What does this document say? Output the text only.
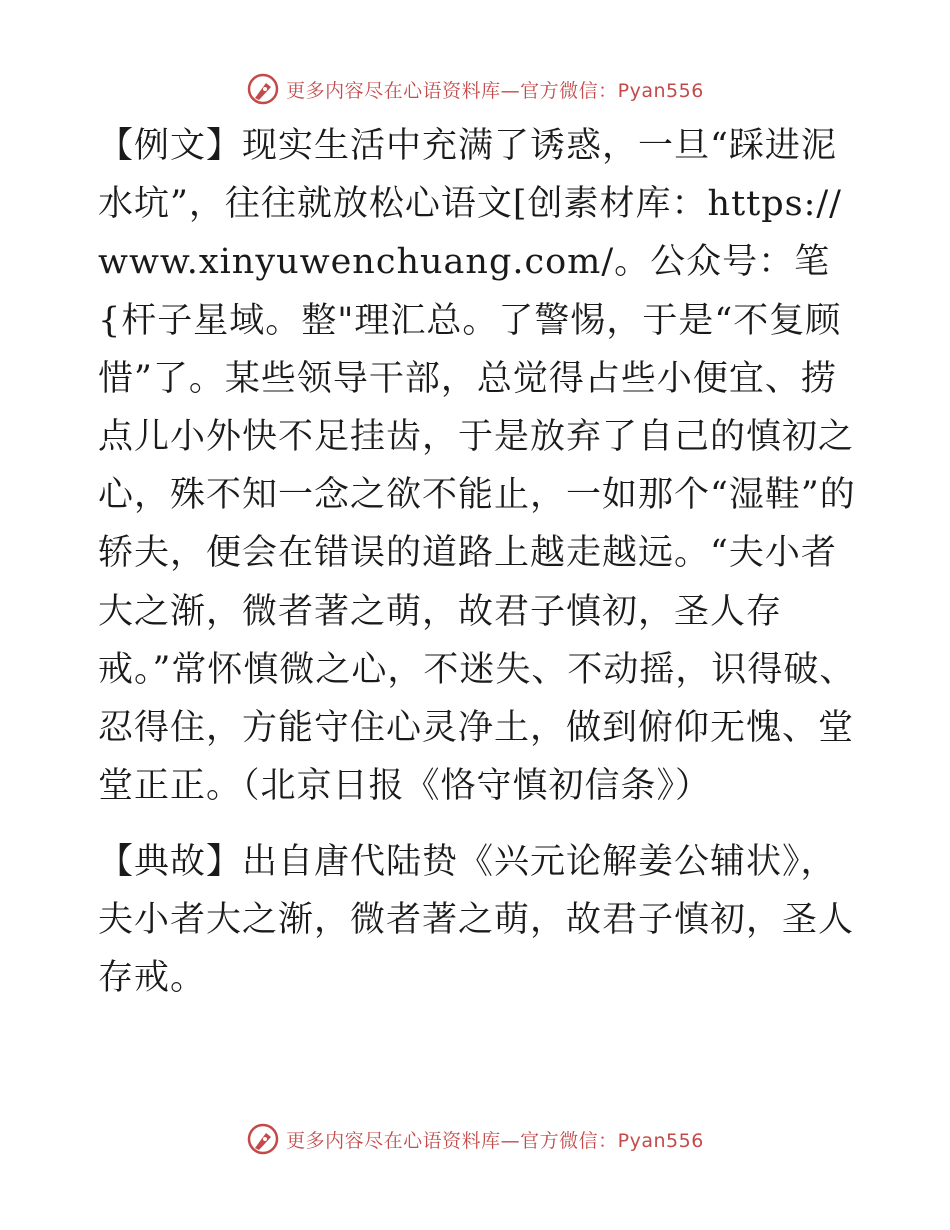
更多内容尽在心语资料库—官方微信：Pyan556

【例文】现实生活中充满了诱惑，一旦“踩进泥水坑”，往往就放松心语文[创素材库：https://www.xinyuwenchuang.com/。公众号：笔{杆子星域。整"理汇总。了警惕，于是“不复顾惜”了。某些领导干部，总觉得占些小便宜、捞点儿小外快不足挂齿，于是放弃了自己的慎初之心，殊不知一念之欲不能止，一如那个“湿鞋”的轿夫，便会在错误的道路上越走越远。“夫小者大之渐，微者著之萌，故君子慎初，圣人存戒。”常怀慎微之心，不迷失、不动摇，识得破、忍得住，方能守住心灵净土，做到俯仰无愧、堂堂正正。（北京日报《恪守慎初信条》）

【典故】出自唐代陆贽《兴元论解姜公辅状》，夫小者大之渐，微者著之萌，故君子慎初，圣人存戒。

更多内容尽在心语资料库—官方微信：Pyan556
